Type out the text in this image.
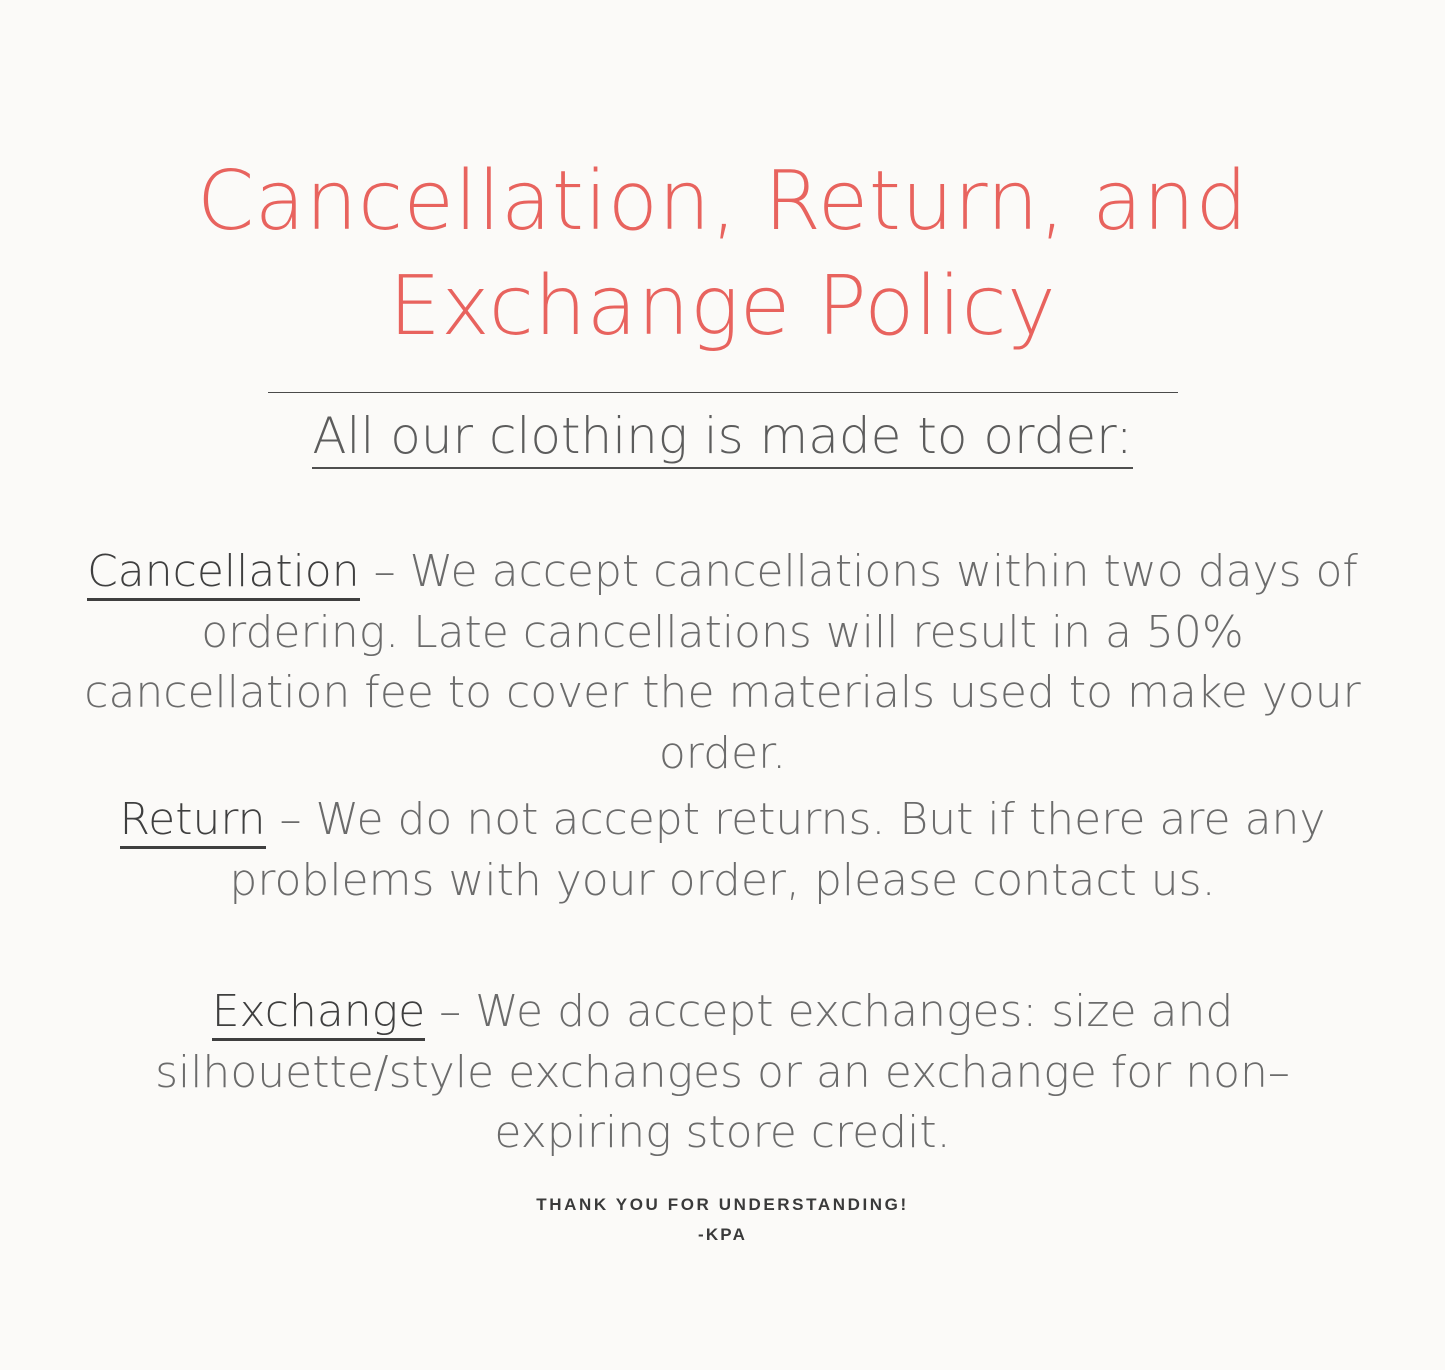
Cancellation, Return, and Exchange Policy
All our clothing is made to order:
Cancellation – We accept cancellations within two days of ordering. Late cancellations will result in a 50% cancellation fee to cover the materials used to make your order.
Return – We do not accept returns. But if there are any problems with your order, please contact us.
Exchange – We do accept exchanges: size and silhouette/style exchanges or an exchange for non–expiring store credit.
THANK YOU FOR UNDERSTANDING!
-KPA
